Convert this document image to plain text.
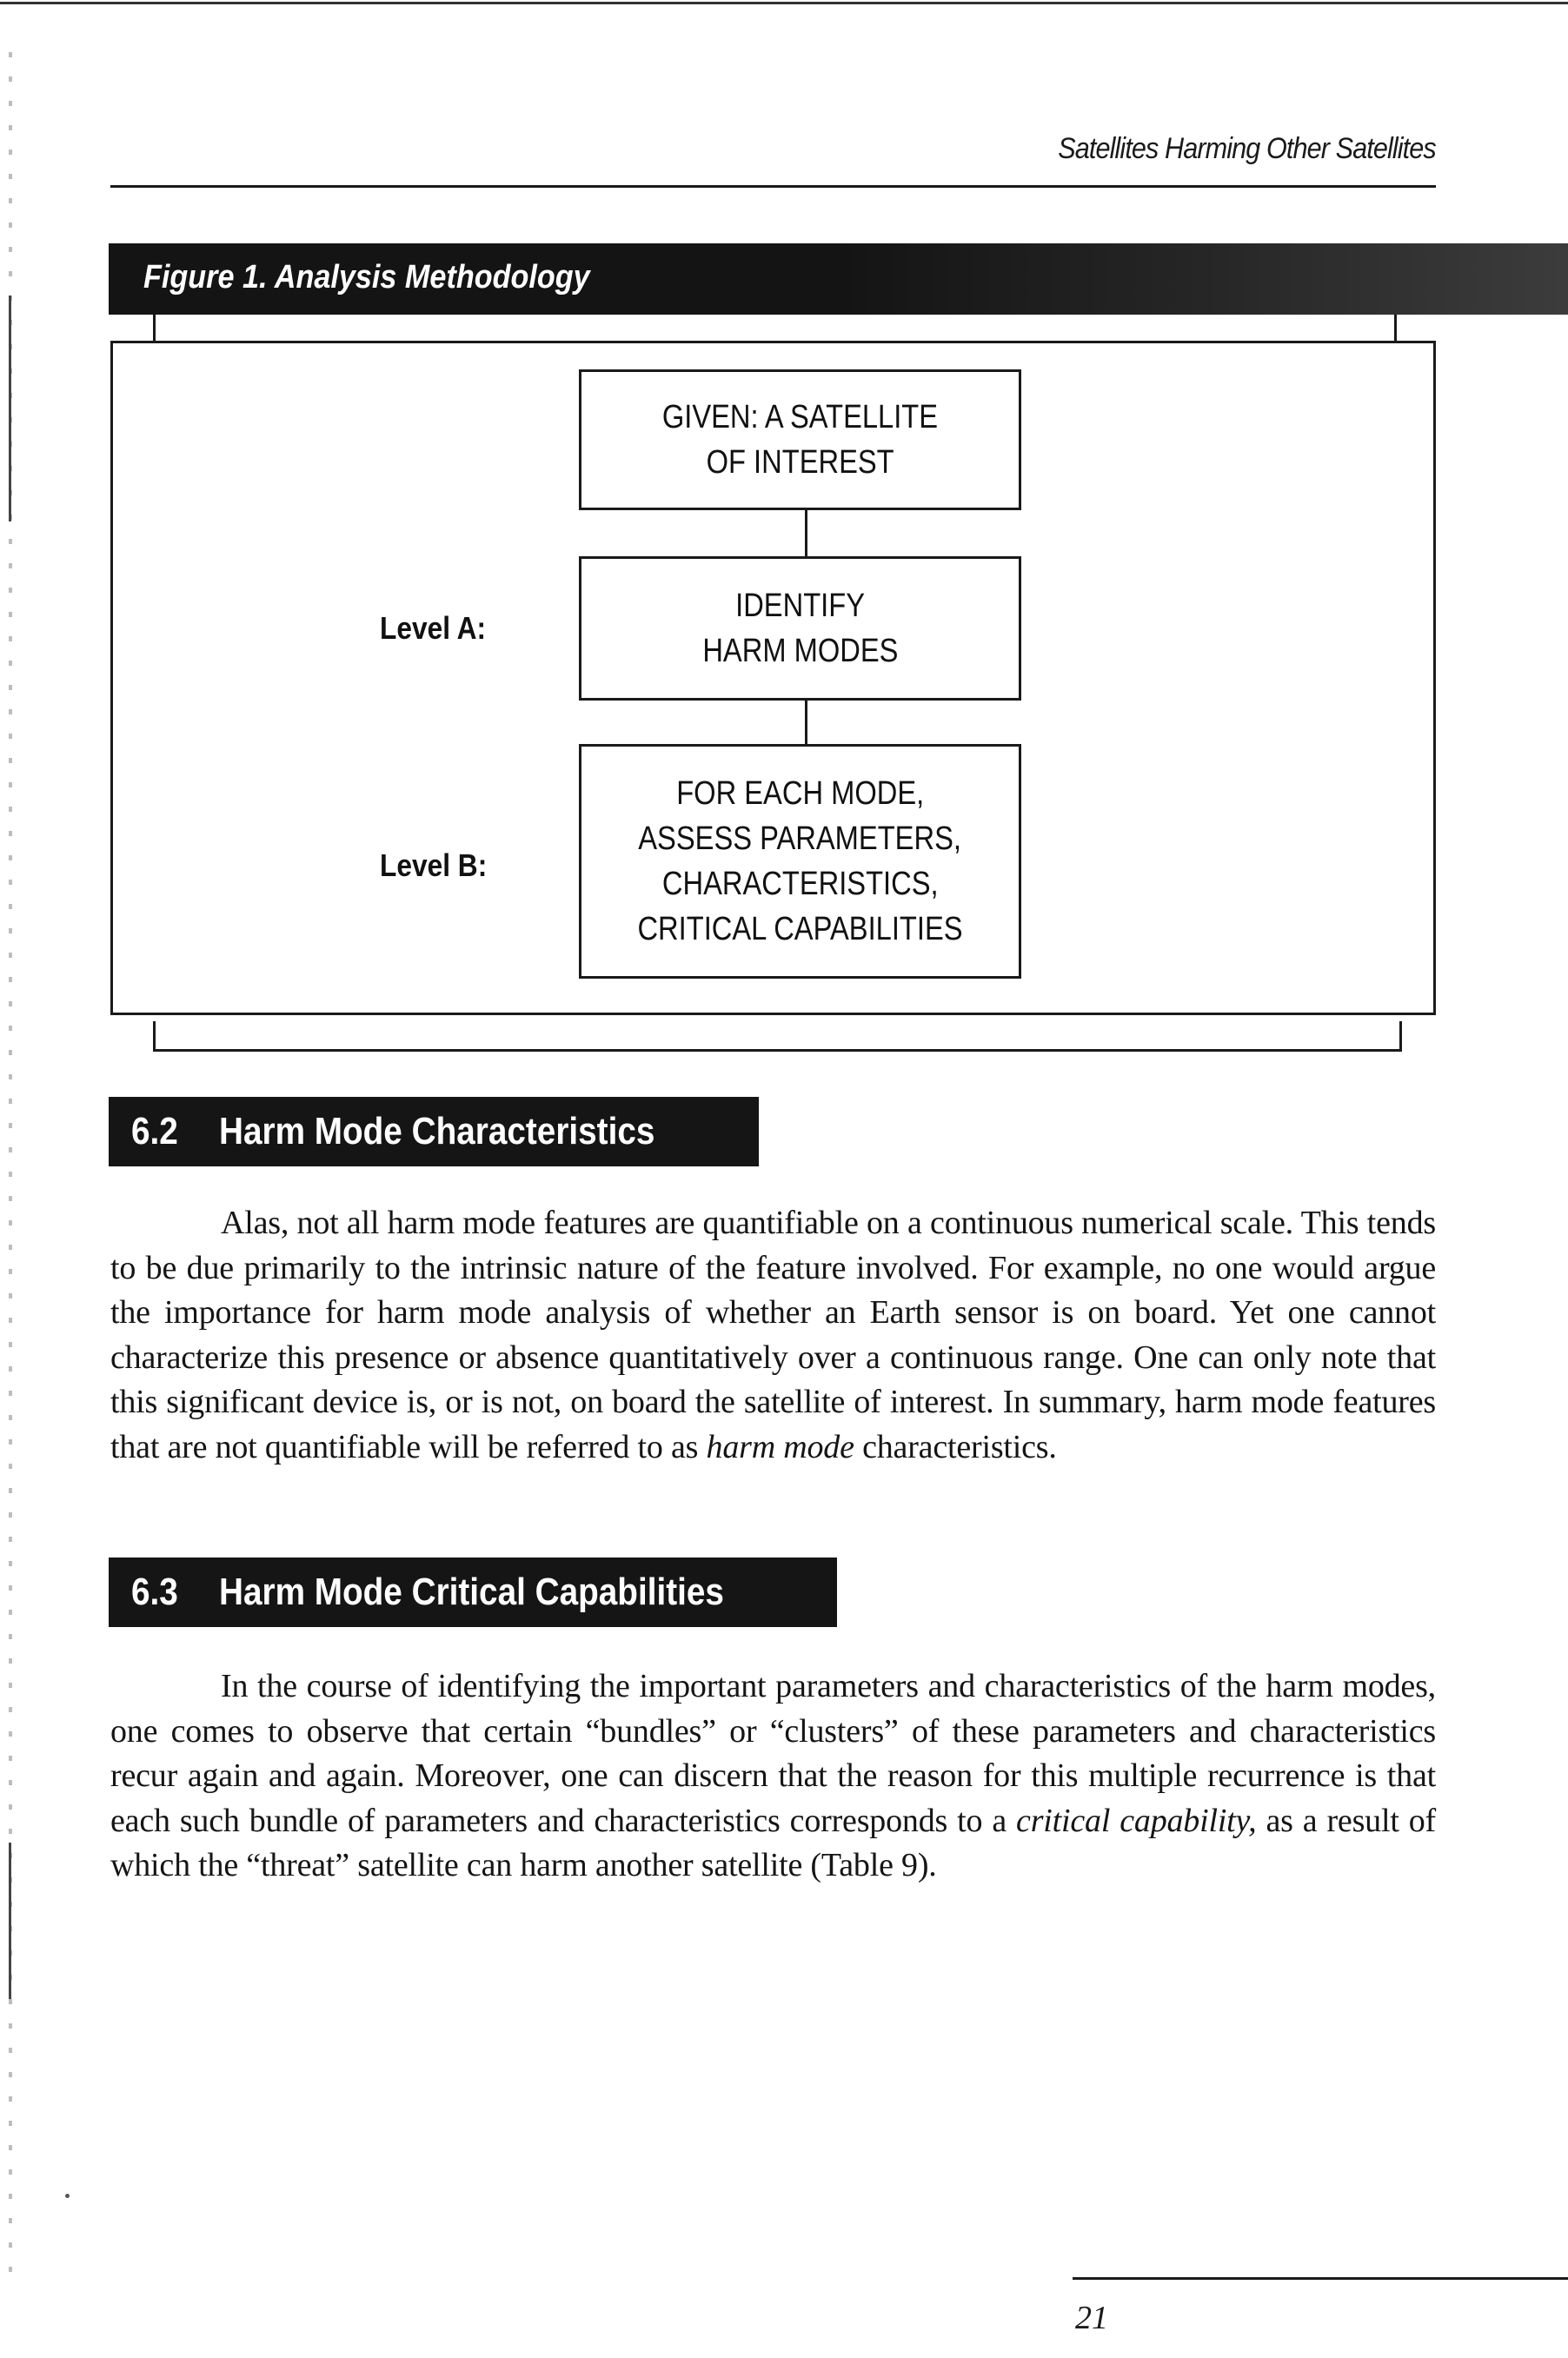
Satellites Harming Other Satellites
Figure 1. Analysis Methodology
GIVEN: A SATELLITE
OF INTEREST
IDENTIFY
HARM MODES
FOR EACH MODE,
ASSESS PARAMETERS,
CHARACTERISTICS,
CRITICAL CAPABILITIES
Level A:
Level B:
6.2 Harm Mode Characteristics

Alas, not all harm mode features are quantifiable on a continuous numerical scale. This tends to be due primarily to the intrinsic nature of the feature involved. For example, no one would argue the importance for harm mode analysis of whether an Earth sensor is on board. Yet one cannot characterize this presence or absence quantitatively over a continuous range. One can only note that this significant device is, or is not, on board the satellite of interest. In summary, harm mode features that are not quantifiable will be referred to as harm mode characteristics.

6.3 Harm Mode Critical Capabilities

In the course of identifying the important parameters and characteristics of the harm modes, one comes to observe that certain “bundles” or “clusters” of these parameters and characteristics recur again and again. Moreover, one can discern that the reason for this multiple recurrence is that each such bundle of parameters and characteristics corresponds to a critical capability, as a result of which the “threat” satellite can harm another satellite (Table 9).

21
